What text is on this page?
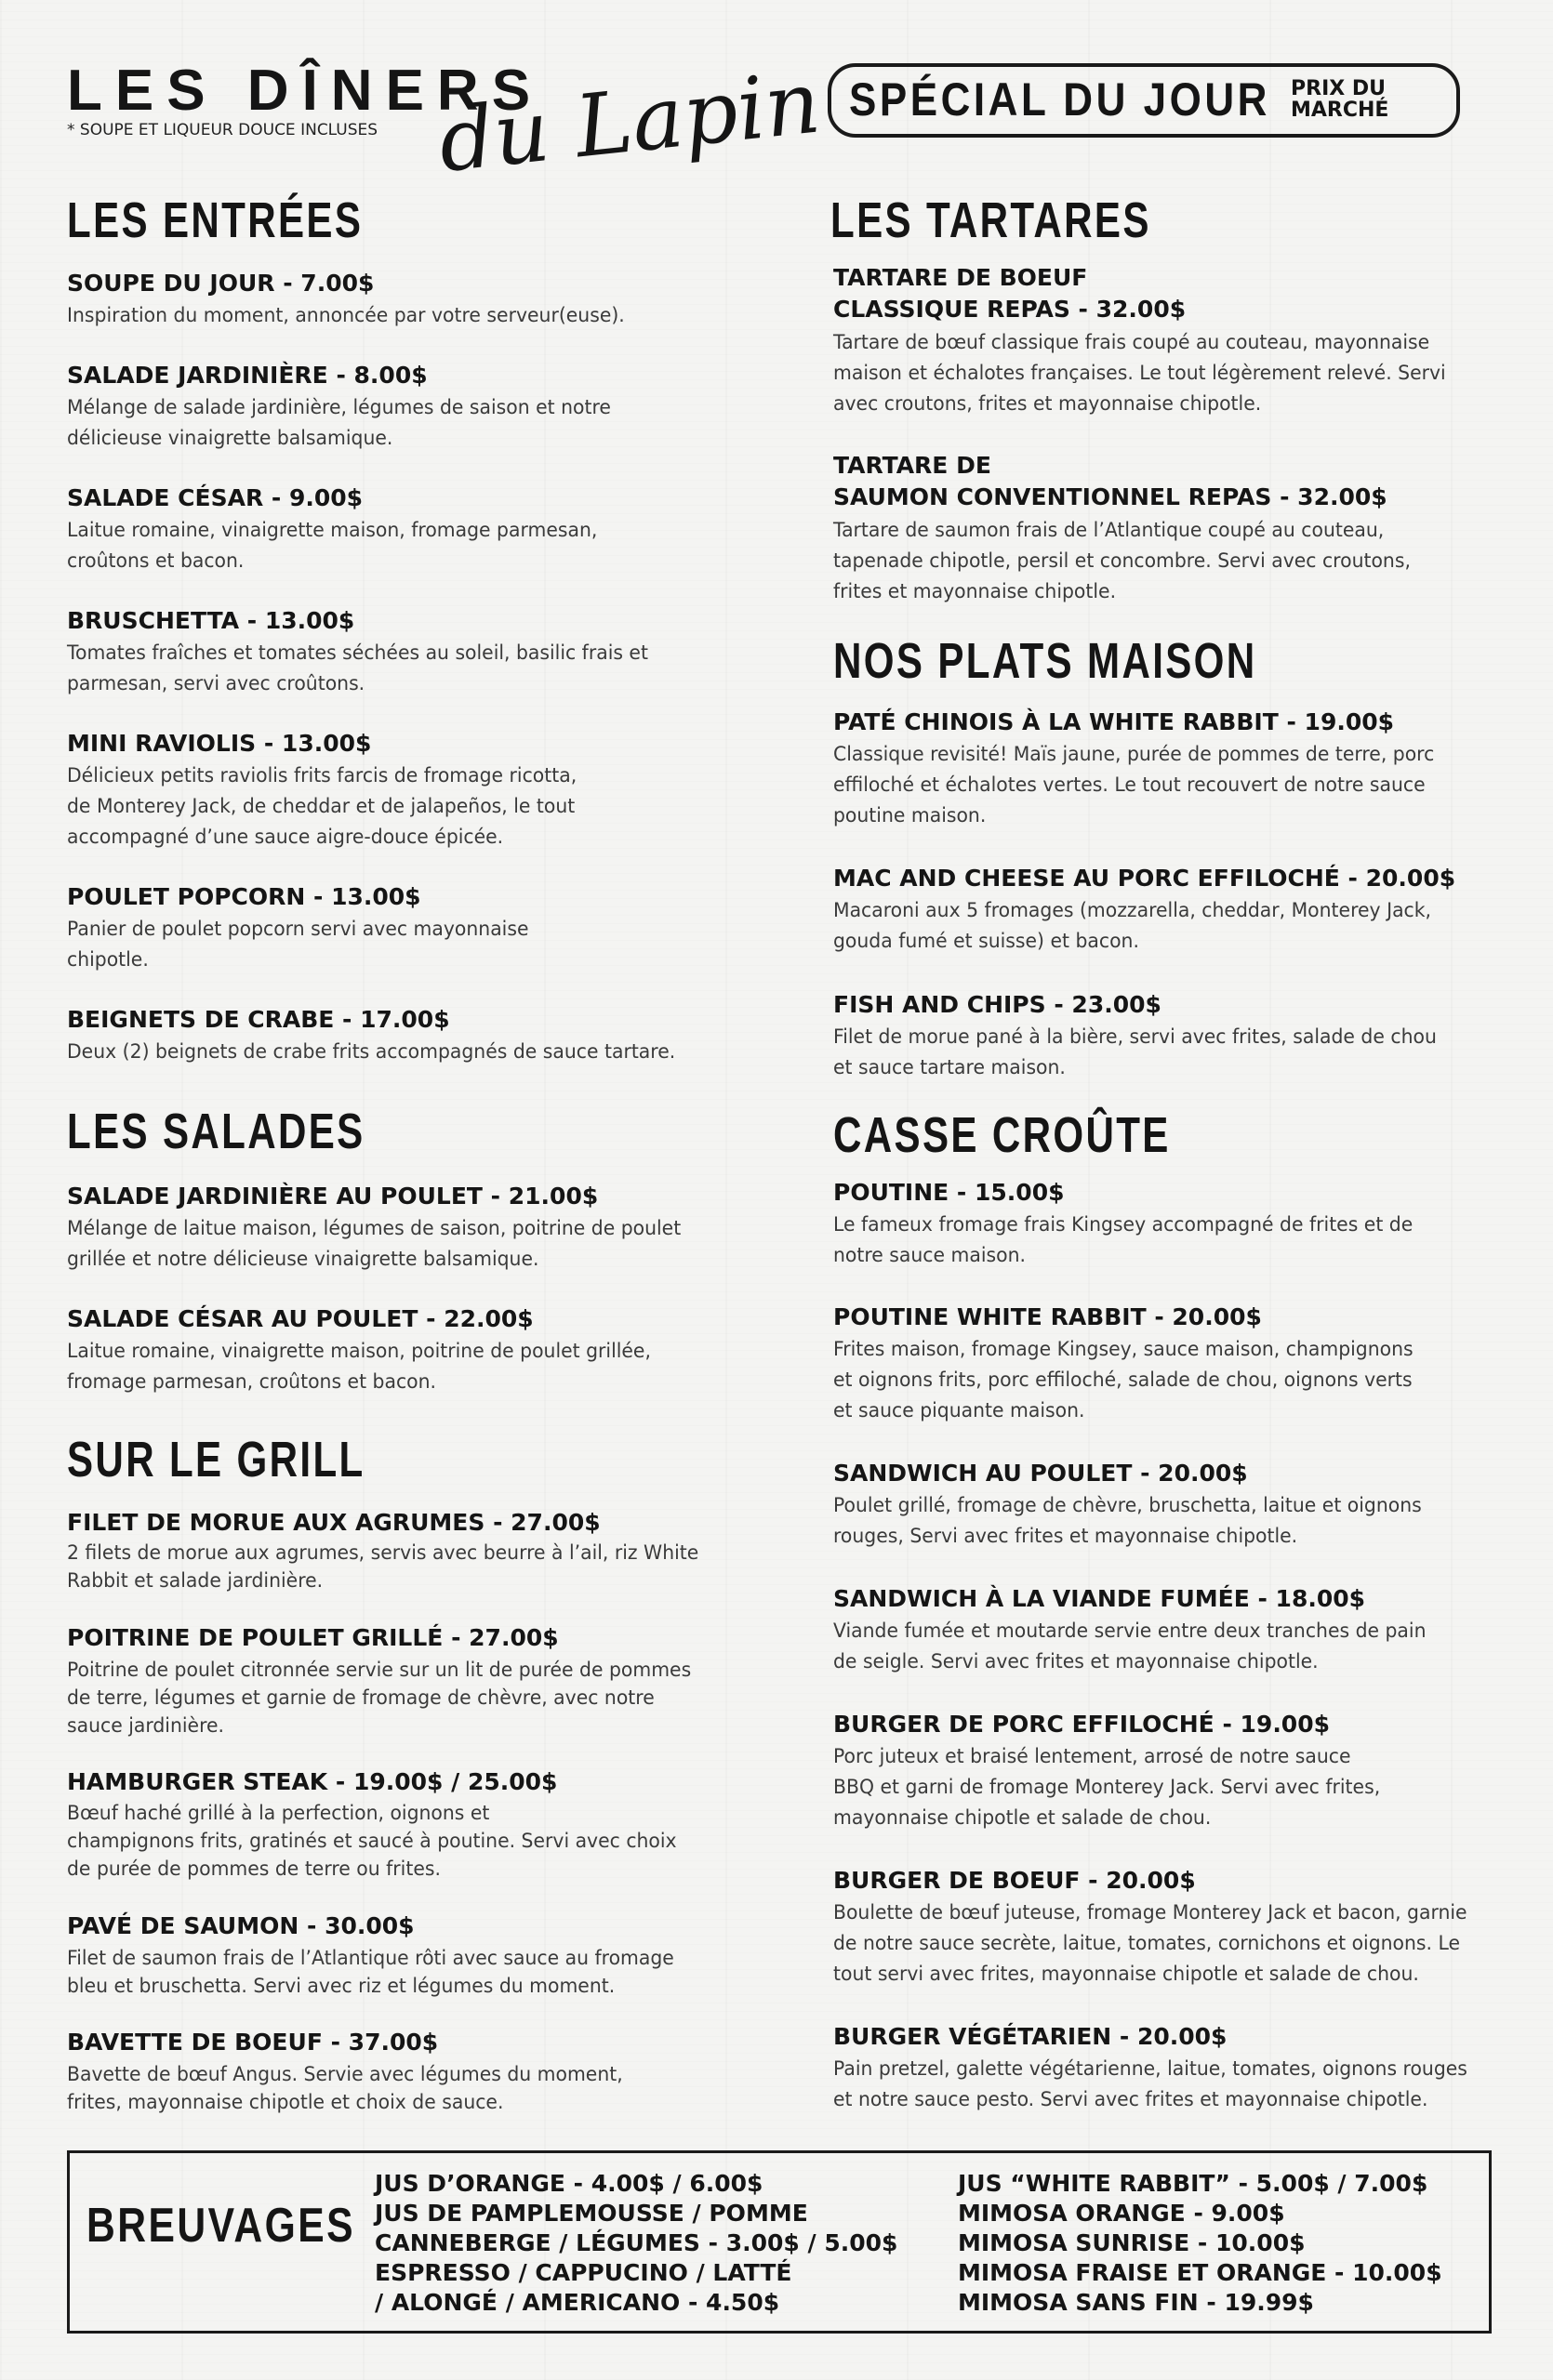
LES DÎNERS
* SOUPE ET LIQUEUR DOUCE INCLUSES du Lapin SPÉCIAL DU JOUR PRIX DU
MARCHÉ
LES ENTRÉES
SOUPE DU JOUR - 7.00$
Inspiration du moment, annoncée par votre serveur(euse).
SALADE JARDINIÈRE - 8.00$
Mélange de salade jardinière, légumes de saison et notre
délicieuse vinaigrette balsamique.
SALADE CÉSAR - 9.00$
Laitue romaine, vinaigrette maison, fromage parmesan,
croûtons et bacon.
BRUSCHETTA - 13.00$
Tomates fraîches et tomates séchées au soleil, basilic frais et
parmesan, servi avec croûtons.
MINI RAVIOLIS - 13.00$
Délicieux petits raviolis frits farcis de fromage ricotta,
de Monterey Jack, de cheddar et de jalapeños, le tout
accompagné d’une sauce aigre-douce épicée.
POULET POPCORN - 13.00$
Panier de poulet popcorn servi avec mayonnaise
chipotle.
BEIGNETS DE CRABE - 17.00$
Deux (2) beignets de crabe frits accompagnés de sauce tartare.
LES SALADES
SALADE JARDINIÈRE AU POULET - 21.00$
Mélange de laitue maison, légumes de saison, poitrine de poulet
grillée et notre délicieuse vinaigrette balsamique.
SALADE CÉSAR AU POULET - 22.00$
Laitue romaine, vinaigrette maison, poitrine de poulet grillée,
fromage parmesan, croûtons et bacon.
SUR LE GRILL
FILET DE MORUE AUX AGRUMES - 27.00$
2 filets de morue aux agrumes, servis avec beurre à l’ail, riz White
Rabbit et salade jardinière.
POITRINE DE POULET GRILLÉ - 27.00$
Poitrine de poulet citronnée servie sur un lit de purée de pommes
de terre, légumes et garnie de fromage de chèvre, avec notre
sauce jardinière.
HAMBURGER STEAK - 19.00$ / 25.00$
Bœuf haché grillé à la perfection, oignons et
champignons frits, gratinés et saucé à poutine. Servi avec choix
de purée de pommes de terre ou frites.
PAVÉ DE SAUMON - 30.00$
Filet de saumon frais de l’Atlantique rôti avec sauce au fromage
bleu et bruschetta. Servi avec riz et légumes du moment.
BAVETTE DE BOEUF - 37.00$
Bavette de bœuf Angus. Servie avec légumes du moment,
frites, mayonnaise chipotle et choix de sauce.
LES TARTARES
TARTARE DE BOEUF
CLASSIQUE REPAS - 32.00$
Tartare de bœuf classique frais coupé au couteau, mayonnaise
maison et échalotes françaises. Le tout légèrement relevé. Servi
avec croutons, frites et mayonnaise chipotle.
TARTARE DE
SAUMON CONVENTIONNEL REPAS - 32.00$
Tartare de saumon frais de l’Atlantique coupé au couteau,
tapenade chipotle, persil et concombre. Servi avec croutons,
frites et mayonnaise chipotle.
NOS PLATS MAISON
PATÉ CHINOIS À LA WHITE RABBIT - 19.00$
Classique revisité! Maïs jaune, purée de pommes de terre, porc
effiloché et échalotes vertes. Le tout recouvert de notre sauce
poutine maison.
MAC AND CHEESE AU PORC EFFILOCHÉ - 20.00$
Macaroni aux 5 fromages (mozzarella, cheddar, Monterey Jack,
gouda fumé et suisse) et bacon.
FISH AND CHIPS - 23.00$
Filet de morue pané à la bière, servi avec frites, salade de chou
et sauce tartare maison.
CASSE CROÛTE
POUTINE - 15.00$
Le fameux fromage frais Kingsey accompagné de frites et de
notre sauce maison.
POUTINE WHITE RABBIT - 20.00$
Frites maison, fromage Kingsey, sauce maison, champignons
et oignons frits, porc effiloché, salade de chou, oignons verts
et sauce piquante maison.
SANDWICH AU POULET - 20.00$
Poulet grillé, fromage de chèvre, bruschetta, laitue et oignons
rouges, Servi avec frites et mayonnaise chipotle.
SANDWICH À LA VIANDE FUMÉE - 18.00$
Viande fumée et moutarde servie entre deux tranches de pain
de seigle. Servi avec frites et mayonnaise chipotle.
BURGER DE PORC EFFILOCHÉ - 19.00$
Porc juteux et braisé lentement, arrosé de notre sauce
BBQ et garni de fromage Monterey Jack. Servi avec frites,
mayonnaise chipotle et salade de chou.
BURGER DE BOEUF - 20.00$
Boulette de bœuf juteuse, fromage Monterey Jack et bacon, garnie
de notre sauce secrète, laitue, tomates, cornichons et oignons. Le
tout servi avec frites, mayonnaise chipotle et salade de chou.
BURGER VÉGÉTARIEN - 20.00$
Pain pretzel, galette végétarienne, laitue, tomates, oignons rouges
et notre sauce pesto. Servi avec frites et mayonnaise chipotle.
BREUVAGES
JUS D’ORANGE - 4.00$ / 6.00$
JUS DE PAMPLEMOUSSE / POMME
CANNEBERGE / LÉGUMES - 3.00$ / 5.00$
ESPRESSO / CAPPUCINO / LATTÉ
/ ALONGÉ / AMERICANO - 4.50$
JUS “WHITE RABBIT” - 5.00$ / 7.00$
MIMOSA ORANGE - 9.00$
MIMOSA SUNRISE - 10.00$
MIMOSA FRAISE ET ORANGE - 10.00$
MIMOSA SANS FIN - 19.99$
